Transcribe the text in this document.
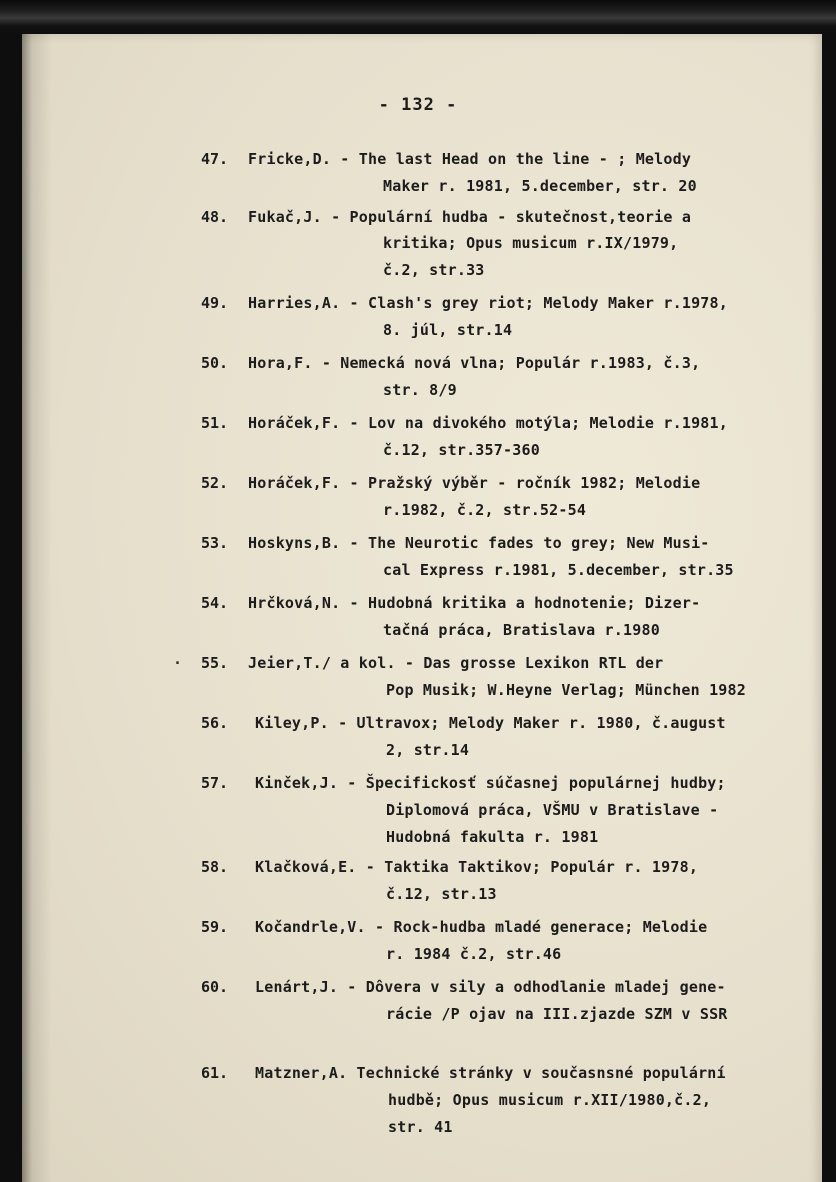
- 132 -
·
47. Fricke,D. - The last Head on the line - ; Melody
Maker r. 1981, 5.december, str. 20
48. Fukač,J. - Populární hudba - skutečnost,teorie a
kritika; Opus musicum r.IX/1979,
č.2, str.33
49. Harries,A. - Clash's grey riot; Melody Maker r.1978,
8. júl, str.14
50. Hora,F. - Nemecká nová vlna; Populár r.1983, č.3,
str. 8/9
51. Horáček,F. - Lov na divokého motýla; Melodie r.1981,
č.12, str.357-360
52. Horáček,F. - Pražský výběr - ročník 1982; Melodie
r.1982, č.2, str.52-54
53. Hoskyns,B. - The Neurotic fades to grey; New Musi-
cal Express r.1981, 5.december, str.35
54. Hrčková,N. - Hudobná kritika a hodnotenie; Dizer-
tačná práca, Bratislava r.1980
55. Jeier,T./ a kol. - Das grosse Lexikon RTL der
Pop Musik; W.Heyne Verlag; München 1982
56. Kiley,P. - Ultravox; Melody Maker r. 1980, č.august
2, str.14
57. Kinček,J. - Špecifickosť súčasnej populárnej hudby;
Diplomová práca, VŠMU v Bratislave -
Hudobná fakulta r. 1981
58. Klačková,E. - Taktika Taktikov; Populár r. 1978,
č.12, str.13
59. Kočandrle,V. - Rock-hudba mladé generace; Melodie
r. 1984 č.2, str.46
60. Lenárt,J. - Dôvera v sily a odhodlanie mladej gene-
rácie /P ojav na III.zjazde SZM v SSR
61. Matzner,A. Technické stránky v současnsné populární
hudbě; Opus musicum r.XII/1980,č.2,
str. 41
